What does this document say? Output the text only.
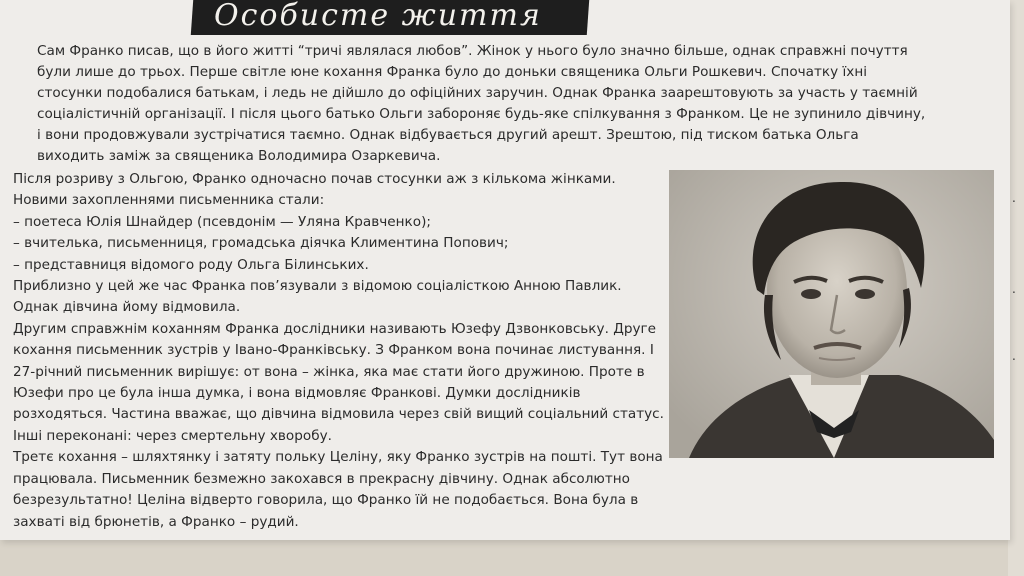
Особисте життя

Сам Франко писав, що в його житті “тричі являлася любов”. Жінок у нього було значно більше, однак справжні почуття були лише до трьох. Перше світле юне кохання Франка було до доньки священика Ольги Рошкевич. Спочатку їхні стосунки подобалися батькам, і ледь не дійшло до офіційних заручин. Однак Франка заарештовують за участь у таємній соціалістичній організації. І після цього батько Ольги забороняє будь-яке спілкування з Франком. Це не зупинило дівчину, і вони продовжували зустрічатися таємно. Однак відбувається другий арешт. Зрештою, під тиском батька Ольга виходить заміж за священика Володимира Озаркевича.

Після розриву з Ольгою, Франко одночасно почав стосунки аж з кількома жінками.
Новими захопленнями письменника стали:
– поетеса Юлія Шнайдер (псевдонім — Уляна Кравченко);
– вчителька, письменниця, громадська діячка Климентина Попович;
– представниця відомого роду Ольга Білинських.
Приблизно у цей же час Франка пов’язували з відомою соціалісткою Анною Павлик.
Однак дівчина йому відмовила.
Другим справжнім коханням Франка дослідники називають Юзефу Дзвонковську. Друге
кохання письменник зустрів у Івано-Франківську. З Франком вона починає листування. І
27-річний письменник вирішує: от вона – жінка, яка має стати його дружиною. Проте в
Юзефи про це була інша думка, і вона відмовляє Франкові. Думки дослідників
розходяться. Частина вважає, що дівчина відмовила через свій вищий соціальний статус.
Інші переконані: через смертельну хворобу.
Третє кохання – шляхтянку і затяту польку Целіну, яку Франко зустрів на пошті. Тут вона
працювала. Письменник безмежно закохався в прекрасну дівчину. Однак абсолютно
безрезультатно! Целіна відверто говорила, що Франко їй не подобається. Вона була в
захваті від брюнетів, а Франко – рудий.
.
.
.
